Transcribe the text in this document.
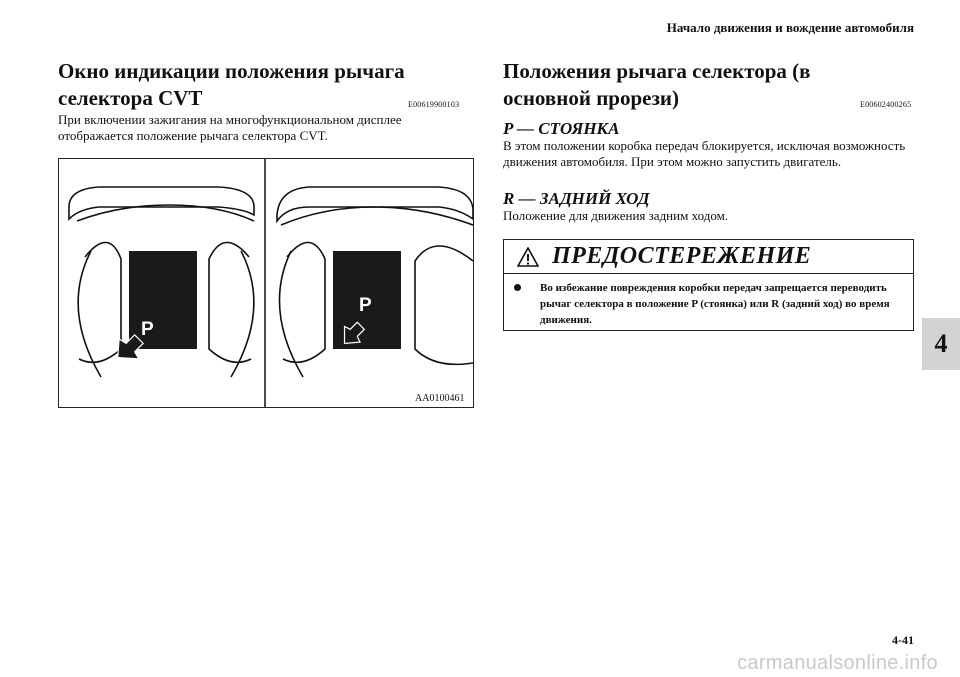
Начало движения и вождение автомобиля
Окно индикации положения рычага селектора CVT	E00619900103

При включении зажигания на многофункциональном дисплее отображается положение рычага селектора CVT.

P
P
AA0100461
Положения рычага селектора (в основной прорези)	E00602400265
P — СТОЯНКА

В этом положении коробка передач блокируется, исключая возможность движения автомобиля. При этом можно запустить двигатель.

R — ЗАДНИЙ ХОД

Положение для движения задним ходом.

ПРЕДОСТЕРЕЖЕНИЕ
Во избежание повреждения коробки передач запрещается переводить рычаг селектора в положение P (стоянка) или R (задний ход) во время движения.
4
4-41
carmanualsonline.info
